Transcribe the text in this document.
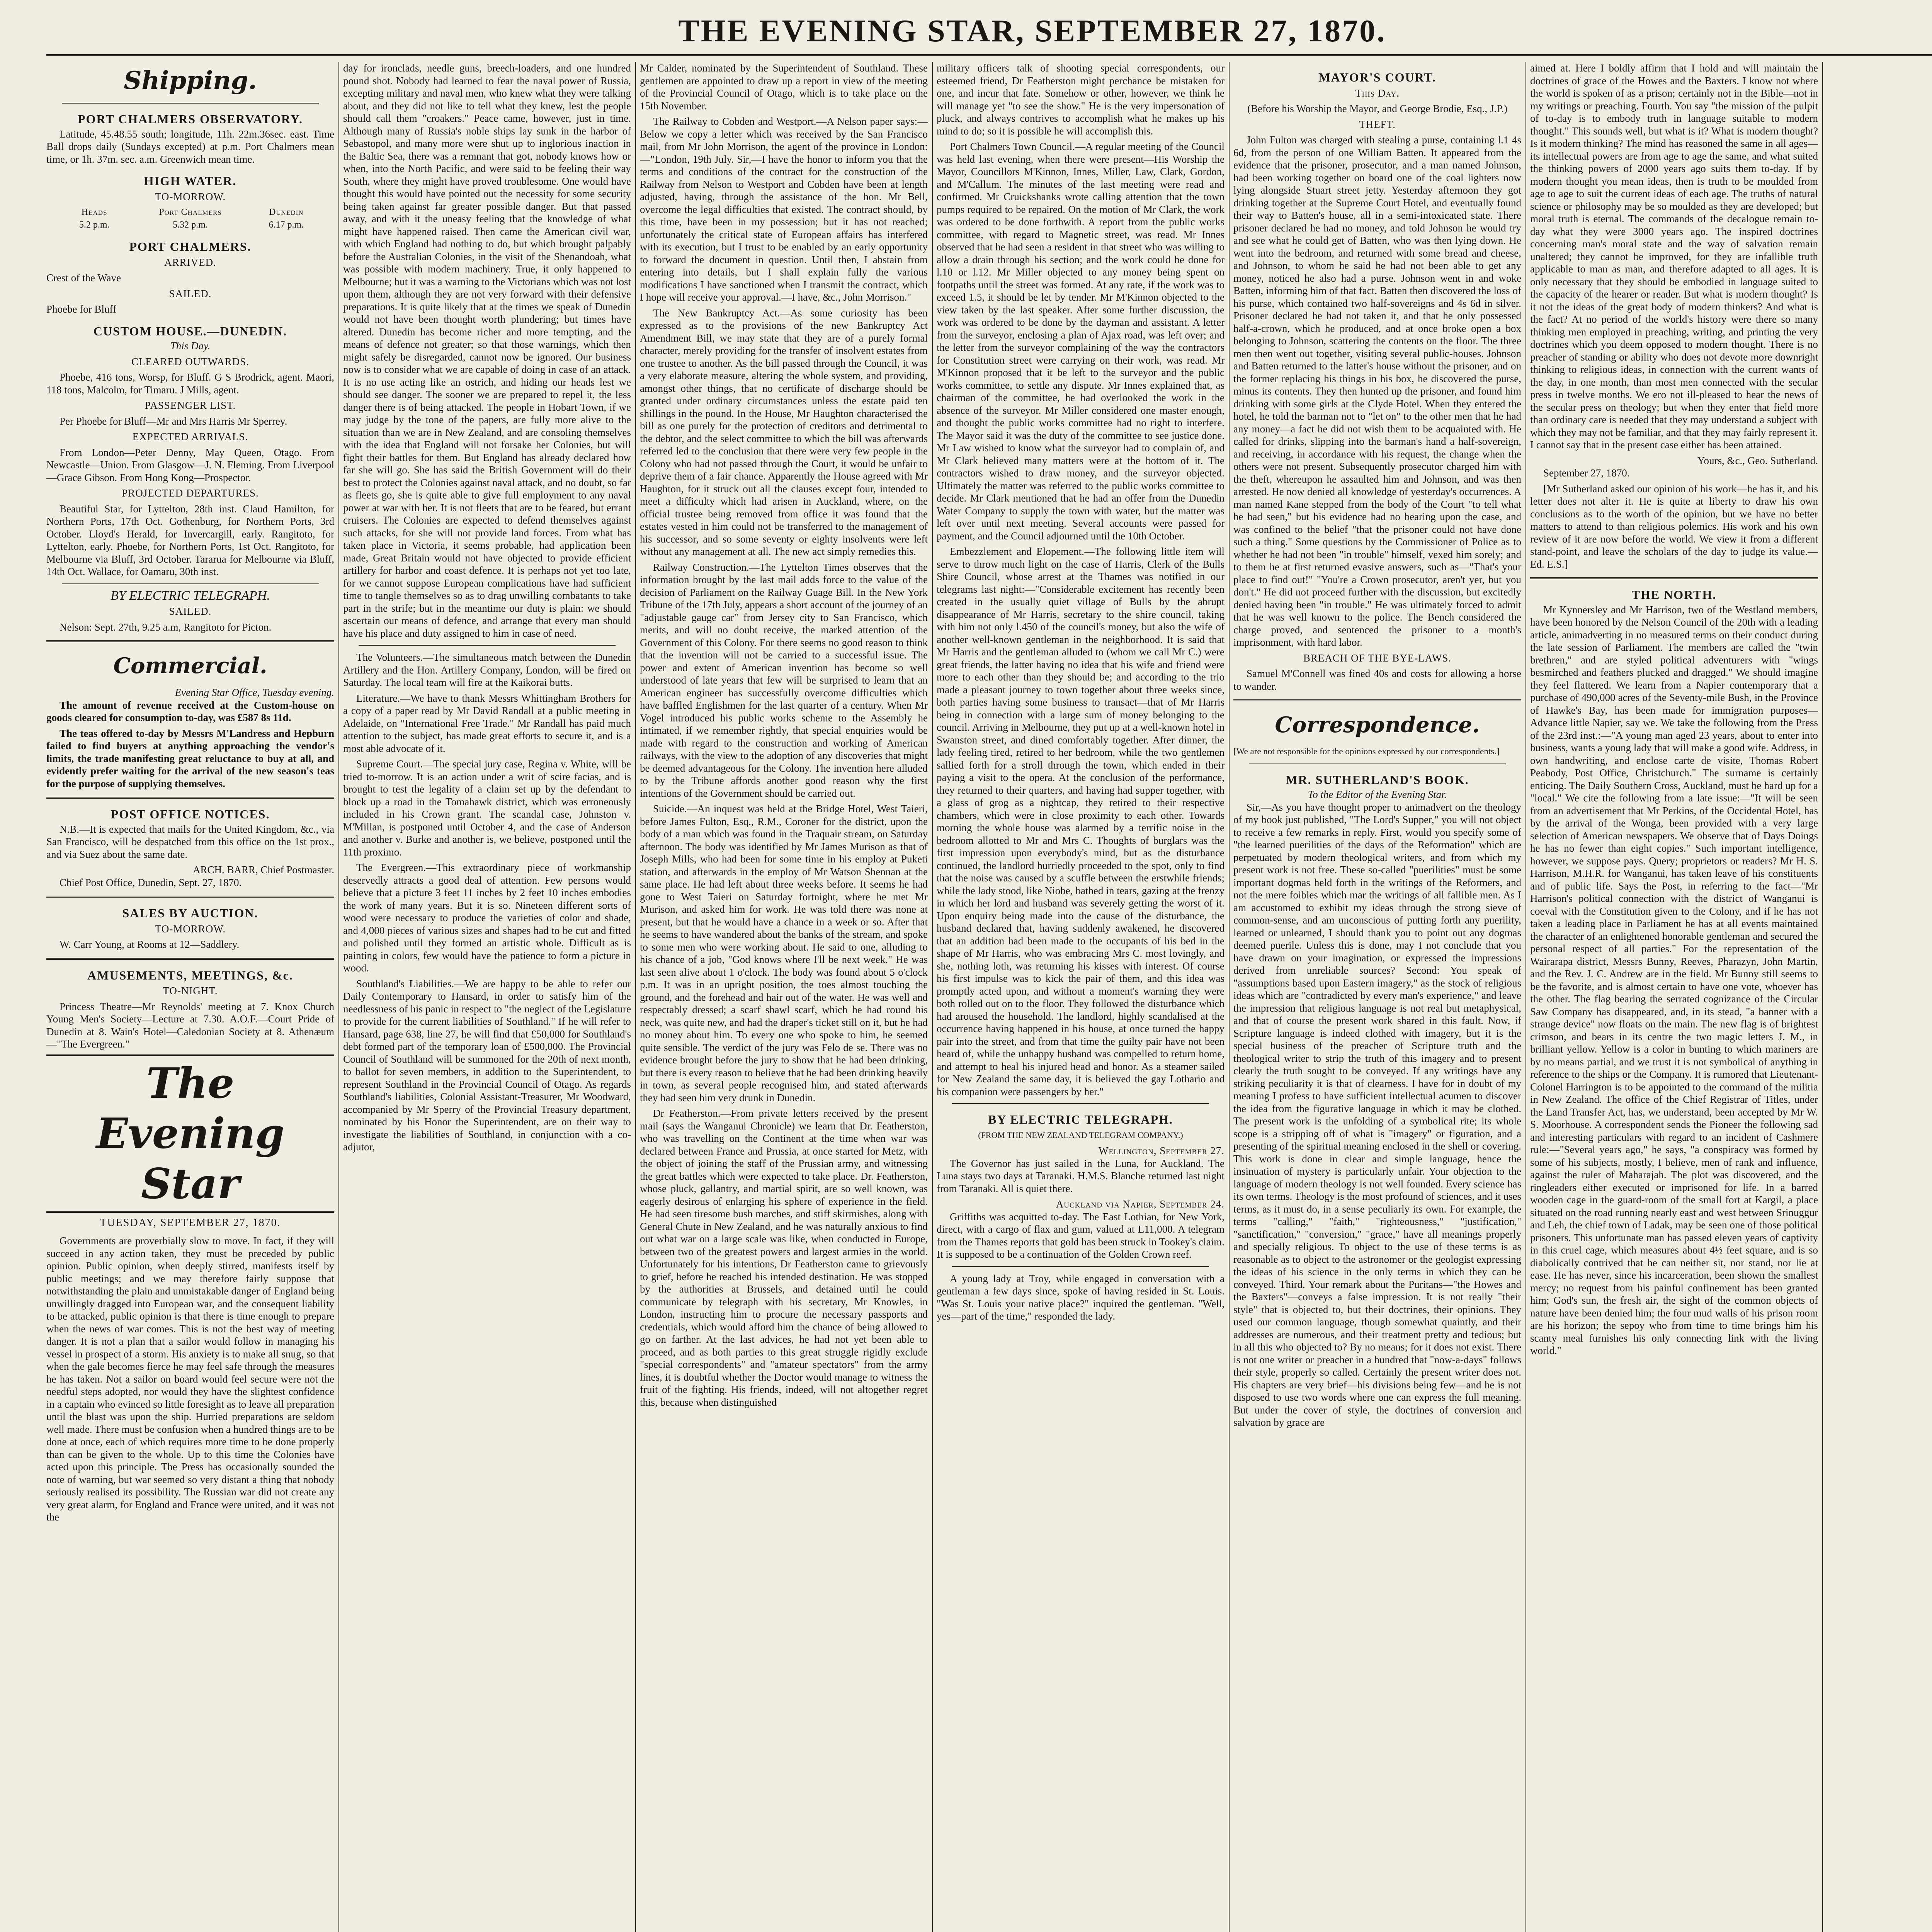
THE EVENING STAR, SEPTEMBER 27, 1870.
Shipping.
PORT CHALMERS OBSERVATORY.

Latitude, 45.48.55 south; longitude, 11h. 22m.36sec. east. Time Ball drops daily (Sundays excepted) at p.m. Port Chalmers mean time, or 1h. 37m. sec. a.m. Greenwich mean time.

HIGH WATER.
TO-MORROW.
Heads
5.2 p.m.
Port Chalmers
5.32 p.m.
Dunedin
6.17 p.m.
PORT CHALMERS.
ARRIVED.

Crest of the Wave

SAILED.

Phoebe for Bluff

CUSTOM HOUSE.—DUNEDIN.
This Day.
CLEARED OUTWARDS.

Phoebe, 416 tons, Worsp, for Bluff. G S Brodrick, agent. Maori, 118 tons, Malcolm, for Timaru. J Mills, agent.

PASSENGER LIST.

Per Phoebe for Bluff—Mr and Mrs Harris Mr Sperrey.

EXPECTED ARRIVALS.

From London—Peter Denny, May Queen, Otago. From Newcastle—Union. From Glasgow—J. N. Fleming. From Liverpool—Grace Gibson. From Hong Kong—Prospector.

PROJECTED DEPARTURES.

Beautiful Star, for Lyttelton, 28th inst. Claud Hamilton, for Northern Ports, 17th Oct. Gothenburg, for Northern Ports, 3rd October. Lloyd's Herald, for Invercargill, early. Rangitoto, for Lyttelton, early. Phoebe, for Northern Ports, 1st Oct. Rangitoto, for Melbourne via Bluff, 3rd October. Tararua for Melbourne via Bluff, 14th Oct. Wallace, for Oamaru, 30th inst.

BY ELECTRIC TELEGRAPH.
SAILED.

Nelson: Sept. 27th, 9.25 a.m, Rangitoto for Picton.

Commercial.
Evening Star Office, Tuesday evening.

The amount of revenue received at the Custom-house on goods cleared for consumption to-day, was £587 8s 11d.

The teas offered to-day by Messrs M'Landress and Hepburn failed to find buyers at anything approaching the vendor's limits, the trade manifesting great reluctance to buy at all, and evidently prefer waiting for the arrival of the new season's teas for the purpose of supplying themselves.

POST OFFICE NOTICES.

N.B.—It is expected that mails for the United Kingdom, &c., via San Francisco, will be despatched from this office on the 1st prox., and via Suez about the same date.

ARCH. BARR, Chief Postmaster.

Chief Post Office, Dunedin, Sept. 27, 1870.

SALES BY AUCTION.
TO-MORROW.

W. Carr Young, at Rooms at 12—Saddlery.

AMUSEMENTS, MEETINGS, &c.
TO-NIGHT.

Princess Theatre—Mr Reynolds' meeting at 7. Knox Church Young Men's Society—Lecture at 7.30. A.O.F.—Court Pride of Dunedin at 8. Wain's Hotel—Caledonian Society at 8. Athenæum—"The Evergreen."

The Evening Star
TUESDAY, SEPTEMBER 27, 1870.

Governments are proverbially slow to move. In fact, if they will succeed in any action taken, they must be preceded by public opinion. Public opinion, when deeply stirred, manifests itself by public meetings; and we may therefore fairly suppose that notwithstanding the plain and unmistakable danger of England being unwillingly dragged into European war, and the consequent liability to be attacked, public opinion is that there is time enough to prepare when the news of war comes. This is not the best way of meeting danger. It is not a plan that a sailor would follow in managing his vessel in prospect of a storm. His anxiety is to make all snug, so that when the gale becomes fierce he may feel safe through the measures he has taken. Not a sailor on board would feel secure were not the needful steps adopted, nor would they have the slightest confidence in a captain who evinced so little foresight as to leave all preparation until the blast was upon the ship. Hurried preparations are seldom well made. There must be confusion when a hundred things are to be done at once, each of which requires more time to be done properly than can be given to the whole. Up to this time the Colonies have acted upon this principle. The Press has occasionally sounded the note of warning, but war seemed so very distant a thing that nobody seriously realised its possibility. The Russian war did not create any very great alarm, for England and France were united, and it was not the

day for ironclads, needle guns, breech-loaders, and one hundred pound shot. Nobody had learned to fear the naval power of Russia, excepting military and naval men, who knew what they were talking about, and they did not like to tell what they knew, lest the people should call them "croakers." Peace came, however, just in time. Although many of Russia's noble ships lay sunk in the harbor of Sebastopol, and many more were shut up to inglorious inaction in the Baltic Sea, there was a remnant that got, nobody knows how or when, into the North Pacific, and were said to be feeling their way South, where they might have proved troublesome. One would have thought this would have pointed out the necessity for some security being taken against far greater possible danger. But that passed away, and with it the uneasy feeling that the knowledge of what might have happened raised. Then came the American civil war, with which England had nothing to do, but which brought palpably before the Australian Colonies, in the visit of the Shenandoah, what was possible with modern machinery. True, it only happened to Melbourne; but it was a warning to the Victorians which was not lost upon them, although they are not very forward with their defensive preparations. It is quite likely that at the times we speak of Dunedin would not have been thought worth plundering; but times have altered. Dunedin has become richer and more tempting, and the means of defence not greater; so that those warnings, which then might safely be disregarded, cannot now be ignored. Our business now is to consider what we are capable of doing in case of an attack. It is no use acting like an ostrich, and hiding our heads lest we should see danger. The sooner we are prepared to repel it, the less danger there is of being attacked. The people in Hobart Town, if we may judge by the tone of the papers, are fully more alive to the situation than we are in New Zealand, and are consoling themselves with the idea that England will not forsake her Colonies, but will fight their battles for them. But England has already declared how far she will go. She has said the British Government will do their best to protect the Colonies against naval attack, and no doubt, so far as fleets go, she is quite able to give full employment to any naval power at war with her. It is not fleets that are to be feared, but errant cruisers. The Colonies are expected to defend themselves against such attacks, for she will not provide land forces. From what has taken place in Victoria, it seems probable, had application been made, Great Britain would not have objected to provide efficient artillery for harbor and coast defence. It is perhaps not yet too late, for we cannot suppose European complications have had sufficient time to tangle themselves so as to drag unwilling combatants to take part in the strife; but in the meantime our duty is plain: we should ascertain our means of defence, and arrange that every man should have his place and duty assigned to him in case of need.

The Volunteers.—The simultaneous match between the Dunedin Artillery and the Hon. Artillery Company, London, will be fired on Saturday. The local team will fire at the Kaikorai butts.

Literature.—We have to thank Messrs Whittingham Brothers for a copy of a paper read by Mr David Randall at a public meeting in Adelaide, on "International Free Trade." Mr Randall has paid much attention to the subject, has made great efforts to secure it, and is a most able advocate of it.

Supreme Court.—The special jury case, Regina v. White, will be tried to-morrow. It is an action under a writ of scire facias, and is brought to test the legality of a claim set up by the defendant to block up a road in the Tomahawk district, which was erroneously included in his Crown grant. The scandal case, Johnston v. M'Millan, is postponed until October 4, and the case of Anderson and another v. Burke and another is, we believe, postponed until the 11th proximo.

The Evergreen.—This extraordinary piece of workmanship deservedly attracts a good deal of attention. Few persons would believe that a picture 3 feet 11 inches by 2 feet 10 inches embodies the work of many years. But it is so. Nineteen different sorts of wood were necessary to produce the varieties of color and shade, and 4,000 pieces of various sizes and shapes had to be cut and fitted and polished until they formed an artistic whole. Difficult as is painting in colors, few would have the patience to form a picture in wood.

Southland's Liabilities.—We are happy to be able to refer our Daily Contemporary to Hansard, in order to satisfy him of the needlessness of his panic in respect to "the neglect of the Legislature to provide for the current liabilities of Southland." If he will refer to Hansard, page 638, line 27, he will find that £50,000 for Southland's debt formed part of the temporary loan of £500,000. The Provincial Council of Southland will be summoned for the 20th of next month, to ballot for seven members, in addition to the Superintendent, to represent Southland in the Provincial Council of Otago. As regards Southland's liabilities, Colonial Assistant-Treasurer, Mr Woodward, accompanied by Mr Sperry of the Provincial Treasury department, nominated by his Honor the Superintendent, are on their way to investigate the liabilities of Southland, in conjunction with a co-adjutor,

Mr Calder, nominated by the Superintendent of Southland. These gentlemen are appointed to draw up a report in view of the meeting of the Provincial Council of Otago, which is to take place on the 15th November.

The Railway to Cobden and Westport.—A Nelson paper says:—Below we copy a letter which was received by the San Francisco mail, from Mr John Morrison, the agent of the province in London:—"London, 19th July. Sir,—I have the honor to inform you that the terms and conditions of the contract for the construction of the Railway from Nelson to Westport and Cobden have been at length adjusted, having, through the assistance of the hon. Mr Bell, overcome the legal difficulties that existed. The contract should, by this time, have been in my possession; but it has not reached; unfortunately the critical state of European affairs has interfered with its execution, but I trust to be enabled by an early opportunity to forward the document in question. Until then, I abstain from entering into details, but I shall explain fully the various modifications I have sanctioned when I transmit the contract, which I hope will receive your approval.—I have, &c., John Morrison."

The New Bankruptcy Act.—As some curiosity has been expressed as to the provisions of the new Bankruptcy Act Amendment Bill, we may state that they are of a purely formal character, merely providing for the transfer of insolvent estates from one trustee to another. As the bill passed through the Council, it was a very elaborate measure, altering the whole system, and providing, amongst other things, that no certificate of discharge should be granted under ordinary circumstances unless the estate paid ten shillings in the pound. In the House, Mr Haughton characterised the bill as one purely for the protection of creditors and detrimental to the debtor, and the select committee to which the bill was afterwards referred led to the conclusion that there were very few people in the Colony who had not passed through the Court, it would be unfair to deprive them of a fair chance. Apparently the House agreed with Mr Haughton, for it struck out all the clauses except four, intended to meet a difficulty which had arisen in Auckland, where, on the official trustee being removed from office it was found that the estates vested in him could not be transferred to the management of his successor, and so some seventy or eighty insolvents were left without any management at all. The new act simply remedies this.

Railway Construction.—The Lyttelton Times observes that the information brought by the last mail adds force to the value of the decision of Parliament on the Railway Guage Bill. In the New York Tribune of the 17th July, appears a short account of the journey of an "adjustable gauge car" from Jersey city to San Francisco, which merits, and will no doubt receive, the marked attention of the Government of this Colony. For there seems no good reason to think that the invention will not be carried to a successful issue. The power and extent of American invention has become so well understood of late years that few will be surprised to learn that an American engineer has successfully overcome difficulties which have baffled Englishmen for the last quarter of a century. When Mr Vogel introduced his public works scheme to the Assembly he intimated, if we remember rightly, that special enquiries would be made with regard to the construction and working of American railways, with the view to the adoption of any discoveries that might be deemed advantageous for the Colony. The invention here alluded to by the Tribune affords another good reason why the first intentions of the Government should be carried out.

Suicide.—An inquest was held at the Bridge Hotel, West Taieri, before James Fulton, Esq., R.M., Coroner for the district, upon the body of a man which was found in the Traquair stream, on Saturday afternoon. The body was identified by Mr James Murison as that of Joseph Mills, who had been for some time in his employ at Puketi station, and afterwards in the employ of Mr Watson Shennan at the same place. He had left about three weeks before. It seems he had gone to West Taieri on Saturday fortnight, where he met Mr Murison, and asked him for work. He was told there was none at present, but that he would have a chance in a week or so. After that he seems to have wandered about the banks of the stream, and spoke to some men who were working about. He said to one, alluding to his chance of a job, "God knows where I'll be next week." He was last seen alive about 1 o'clock. The body was found about 5 o'clock p.m. It was in an upright position, the toes almost touching the ground, and the forehead and hair out of the water. He was well and respectably dressed; a scarf shawl scarf, which he had round his neck, was quite new, and had the draper's ticket still on it, but he had no money about him. To every one who spoke to him, he seemed quite sensible. The verdict of the jury was Felo de se. There was no evidence brought before the jury to show that he had been drinking, but there is every reason to believe that he had been drinking heavily in town, as several people recognised him, and stated afterwards they had seen him very drunk in Dunedin.

Dr Featherston.—From private letters received by the present mail (says the Wanganui Chronicle) we learn that Dr. Featherston, who was travelling on the Continent at the time when war was declared between France and Prussia, at once started for Metz, with the object of joining the staff of the Prussian army, and witnessing the great battles which were expected to take place. Dr. Featherston, whose pluck, gallantry, and martial spirit, are so well known, was eagerly desirous of enlarging his sphere of experience in the field. He had seen tiresome bush marches, and stiff skirmishes, along with General Chute in New Zealand, and he was naturally anxious to find out what war on a large scale was like, when conducted in Europe, between two of the greatest powers and largest armies in the world. Unfortunately for his intentions, Dr Featherston came to grievously to grief, before he reached his intended destination. He was stopped by the authorities at Brussels, and detained until he could communicate by telegraph with his secretary, Mr Knowles, in London, instructing him to procure the necessary passports and credentials, which would afford him the chance of being allowed to go on farther. At the last advices, he had not yet been able to proceed, and as both parties to this great struggle rigidly exclude "special correspondents" and "amateur spectators" from the army lines, it is doubtful whether the Doctor would manage to witness the fruit of the fighting. His friends, indeed, will not altogether regret this, because when distinguished

military officers talk of shooting special correspondents, our esteemed friend, Dr Featherston might perchance be mistaken for one, and incur that fate. Somehow or other, however, we think he will manage yet "to see the show." He is the very impersonation of pluck, and always contrives to accomplish what he makes up his mind to do; so it is possible he will accomplish this.

Port Chalmers Town Council.—A regular meeting of the Council was held last evening, when there were present—His Worship the Mayor, Councillors M'Kinnon, Innes, Miller, Law, Clark, Gordon, and M'Callum. The minutes of the last meeting were read and confirmed. Mr Cruickshanks wrote calling attention that the town pumps required to be repaired. On the motion of Mr Clark, the work was ordered to be done forthwith. A report from the public works committee, with regard to Magnetic street, was read. Mr Innes observed that he had seen a resident in that street who was willing to allow a drain through his section; and the work could be done for l.10 or l.12. Mr Miller objected to any money being spent on footpaths until the street was formed. At any rate, if the work was to exceed 1.5, it should be let by tender. Mr M'Kinnon objected to the view taken by the last speaker. After some further discussion, the work was ordered to be done by the dayman and assistant. A letter from the surveyor, enclosing a plan of Ajax road, was left over; and the letter from the surveyor complaining of the way the contractors for Constitution street were carrying on their work, was read. Mr M'Kinnon proposed that it be left to the surveyor and the public works committee, to settle any dispute. Mr Innes explained that, as chairman of the committee, he had overlooked the work in the absence of the surveyor. Mr Miller considered one master enough, and thought the public works committee had no right to interfere. The Mayor said it was the duty of the committee to see justice done. Mr Law wished to know what the surveyor had to complain of, and Mr Clark believed many matters were at the bottom of it. The contractors wished to draw money, and the surveyor objected. Ultimately the matter was referred to the public works committee to decide. Mr Clark mentioned that he had an offer from the Dunedin Water Company to supply the town with water, but the matter was left over until next meeting. Several accounts were passed for payment, and the Council adjourned until the 10th October.

Embezzlement and Elopement.—The following little item will serve to throw much light on the case of Harris, Clerk of the Bulls Shire Council, whose arrest at the Thames was notified in our telegrams last night:—"Considerable excitement has recently been created in the usually quiet village of Bulls by the abrupt disappearance of Mr Harris, secretary to the shire council, taking with him not only l.450 of the council's money, but also the wife of another well-known gentleman in the neighborhood. It is said that Mr Harris and the gentleman alluded to (whom we call Mr C.) were great friends, the latter having no idea that his wife and friend were more to each other than they should be; and according to the trio made a pleasant journey to town together about three weeks since, both parties having some business to transact—that of Mr Harris being in connection with a large sum of money belonging to the council. Arriving in Melbourne, they put up at a well-known hotel in Swanston street, and dined comfortably together. After dinner, the lady feeling tired, retired to her bedroom, while the two gentlemen sallied forth for a stroll through the town, which ended in their paying a visit to the opera. At the conclusion of the performance, they returned to their quarters, and having had supper together, with a glass of grog as a nightcap, they retired to their respective chambers, which were in close proximity to each other. Towards morning the whole house was alarmed by a terrific noise in the bedroom allotted to Mr and Mrs C. Thoughts of burglars was the first impression upon everybody's mind, but as the disturbance continued, the landlord hurriedly proceeded to the spot, only to find that the noise was caused by a scuffle between the erstwhile friends; while the lady stood, like Niobe, bathed in tears, gazing at the frenzy in which her lord and husband was severely getting the worst of it. Upon enquiry being made into the cause of the disturbance, the husband declared that, having suddenly awakened, he discovered that an addition had been made to the occupants of his bed in the shape of Mr Harris, who was embracing Mrs C. most lovingly, and she, nothing loth, was returning his kisses with interest. Of course his first impulse was to kick the pair of them, and this idea was promptly acted upon, and without a moment's warning they were both rolled out on to the floor. They followed the disturbance which had aroused the household. The landlord, highly scandalised at the occurrence having happened in his house, at once turned the happy pair into the street, and from that time the guilty pair have not been heard of, while the unhappy husband was compelled to return home, and attempt to heal his injured head and honor. As a steamer sailed for New Zealand the same day, it is believed the gay Lothario and his companion were passengers by her."

BY ELECTRIC TELEGRAPH.
(FROM THE NEW ZEALAND TELEGRAM COMPANY.)
Wellington, September 27.

The Governor has just sailed in the Luna, for Auckland. The Luna stays two days at Taranaki. H.M.S. Blanche returned last night from Taranaki. All is quiet there.

Auckland via Napier, September 24.

Griffiths was acquitted to-day. The East Lothian, for New York, direct, with a cargo of flax and gum, valued at L11,000. A telegram from the Thames reports that gold has been struck in Tookey's claim. It is supposed to be a continuation of the Golden Crown reef.

A young lady at Troy, while engaged in conversation with a gentleman a few days since, spoke of having resided in St. Louis. "Was St. Louis your native place?" inquired the gentleman. "Well, yes—part of the time," responded the lady.

MAYOR'S COURT.
This Day.
(Before his Worship the Mayor, and George Brodie, Esq., J.P.)
THEFT.

John Fulton was charged with stealing a purse, containing l.1 4s 6d, from the person of one William Batten. It appeared from the evidence that the prisoner, prosecutor, and a man named Johnson, had been working together on board one of the coal lighters now lying alongside Stuart street jetty. Yesterday afternoon they got drinking together at the Supreme Court Hotel, and eventually found their way to Batten's house, all in a semi-intoxicated state. There prisoner declared he had no money, and told Johnson he would try and see what he could get of Batten, who was then lying down. He went into the bedroom, and returned with some bread and cheese, and Johnson, to whom he said he had not been able to get any money, noticed he also had a purse. Johnson went in and woke Batten, informing him of that fact. Batten then discovered the loss of his purse, which contained two half-sovereigns and 4s 6d in silver. Prisoner declared he had not taken it, and that he only possessed half-a-crown, which he produced, and at once broke open a box belonging to Johnson, scattering the contents on the floor. The three men then went out together, visiting several public-houses. Johnson and Batten returned to the latter's house without the prisoner, and on the former replacing his things in his box, he discovered the purse, minus its contents. They then hunted up the prisoner, and found him drinking with some girls at the Clyde Hotel. When they entered the hotel, he told the barman not to "let on" to the other men that he had any money—a fact he did not wish them to be acquainted with. He called for drinks, slipping into the barman's hand a half-sovereign, and receiving, in accordance with his request, the change when the others were not present. Subsequently prosecutor charged him with the theft, whereupon he assaulted him and Johnson, and was then arrested. He now denied all knowledge of yesterday's occurrences. A man named Kane stepped from the body of the Court "to tell what he had seen," but his evidence had no bearing upon the case, and was confined to the belief "that the prisoner could not have done such a thing." Some questions by the Commissioner of Police as to whether he had not been "in trouble" himself, vexed him sorely; and to them he at first returned evasive answers, such as—"That's your place to find out!" "You're a Crown prosecutor, aren't yer, but you don't." He did not proceed further with the discussion, but excitedly denied having been "in trouble." He was ultimately forced to admit that he was well known to the police. The Bench considered the charge proved, and sentenced the prisoner to a month's imprisonment, with hard labor.

BREACH OF THE BYE-LAWS.

Samuel M'Connell was fined 40s and costs for allowing a horse to wander.

Correspondence.

[We are not responsible for the opinions expressed by our correspondents.]

MR. SUTHERLAND'S BOOK.
To the Editor of the Evening Star.

Sir,—As you have thought proper to animadvert on the theology of my book just published, "The Lord's Supper," you will not object to receive a few remarks in reply. First, would you specify some of "the learned puerilities of the days of the Reformation" which are perpetuated by modern theological writers, and from which my present work is not free. These so-called "puerilities" must be some important dogmas held forth in the writings of the Reformers, and not the mere foibles which mar the writings of all fallible men. As I am accustomed to exhibit my ideas through the strong sieve of common-sense, and am unconscious of putting forth any puerility, learned or unlearned, I should thank you to point out any dogmas deemed puerile. Unless this is done, may I not conclude that you have drawn on your imagination, or expressed the impressions derived from unreliable sources? Second: You speak of "assumptions based upon Eastern imagery," as the stock of religious ideas which are "contradicted by every man's experience," and leave the impression that religious language is not real but metaphysical, and that of course the present work shared in this fault. Now, if Scripture language is indeed clothed with imagery, but it is the special business of the preacher of Scripture truth and the theological writer to strip the truth of this imagery and to present clearly the truth sought to be conveyed. If any writings have any striking peculiarity it is that of clearness. I have for in doubt of my meaning I profess to have sufficient intellectual acumen to discover the idea from the figurative language in which it may be clothed. The present work is the unfolding of a symbolical rite; its whole scope is a stripping off of what is "imagery" or figuration, and a presenting of the spiritual meaning enclosed in the shell or covering. This work is done in clear and simple language, hence the insinuation of mystery is particularly unfair. Your objection to the language of modern theology is not well founded. Every science has its own terms. Theology is the most profound of sciences, and it uses terms, as it must do, in a sense peculiarly its own. For example, the terms "calling," "faith," "righteousness," "justification," "sanctification," "conversion," "grace," have all meanings properly and specially religious. To object to the use of these terms is as reasonable as to object to the astronomer or the geologist expressing the ideas of his science in the only terms in which they can be conveyed. Third. Your remark about the Puritans—"the Howes and the Baxters"—conveys a false impression. It is not really "their style" that is objected to, but their doctrines, their opinions. They used our common language, though somewhat quaintly, and their addresses are numerous, and their treatment pretty and tedious; but in all this who objected to? By no means; for it does not exist. There is not one writer or preacher in a hundred that "now-a-days" follows their style, properly so called. Certainly the present writer does not. His chapters are very brief—his divisions being few—and he is not disposed to use two words where one can express the full meaning. But under the cover of style, the doctrines of conversion and salvation by grace are

aimed at. Here I boldly affirm that I hold and will maintain the doctrines of grace of the Howes and the Baxters. I know not where the world is spoken of as a prison; certainly not in the Bible—not in my writings or preaching. Fourth. You say "the mission of the pulpit of to-day is to embody truth in language suitable to modern thought." This sounds well, but what is it? What is modern thought? Is it modern thinking? The mind has reasoned the same in all ages—its intellectual powers are from age to age the same, and what suited the thinking powers of 2000 years ago suits them to-day. If by modern thought you mean ideas, then is truth to be moulded from age to age to suit the current ideas of each age. The truths of natural science or philosophy may be so moulded as they are developed; but moral truth is eternal. The commands of the decalogue remain to-day what they were 3000 years ago. The inspired doctrines concerning man's moral state and the way of salvation remain unaltered; they cannot be improved, for they are infallible truth applicable to man as man, and therefore adapted to all ages. It is only necessary that they should be embodied in language suited to the capacity of the hearer or reader. But what is modern thought? Is it not the ideas of the great body of modern thinkers? And what is the fact? At no period of the world's history were there so many thinking men employed in preaching, writing, and printing the very doctrines which you deem opposed to modern thought. There is no preacher of standing or ability who does not devote more downright thinking to religious ideas, in connection with the current wants of the day, in one month, than most men connected with the secular press in twelve months. We ero not ill-pleased to hear the news of the secular press on theology; but when they enter that field more than ordinary care is needed that they may understand a subject with which they may not be familiar, and that they may fairly represent it. I cannot say that in the present case either has been attained.

Yours, &c., Geo. Sutherland.

September 27, 1870.

[Mr Sutherland asked our opinion of his work—he has it, and his letter does not alter it. He is quite at liberty to draw his own conclusions as to the worth of the opinion, but we have no better matters to attend to than religious polemics. His work and his own review of it are now before the world. We view it from a different stand-point, and leave the scholars of the day to judge its value.—Ed. E.S.]

THE NORTH.

Mr Kynnersley and Mr Harrison, two of the Westland members, have been honored by the Nelson Council of the 20th with a leading article, animadverting in no measured terms on their conduct during the late session of Parliament. The members are called the "twin brethren," and are styled political adventurers with "wings besmirched and feathers plucked and dragged." We should imagine they feel flattered. We learn from a Napier contemporary that a purchase of 490,000 acres of the Seventy-mile Bush, in the Province of Hawke's Bay, has been made for immigration purposes—Advance little Napier, say we. We take the following from the Press of the 23rd inst.:—"A young man aged 23 years, about to enter into business, wants a young lady that will make a good wife. Address, in own handwriting, and enclose carte de visite, Thomas Robert Peabody, Post Office, Christchurch." The surname is certainly enticing. The Daily Southern Cross, Auckland, must be hard up for a "local." We cite the following from a late issue:—"It will be seen from an advertisement that Mr Perkins, of the Occidental Hotel, has by the arrival of the Wonga, been provided with a very large selection of American newspapers. We observe that of Days Doings he has no fewer than eight copies." Such important intelligence, however, we suppose pays. Query; proprietors or readers? Mr H. S. Harrison, M.H.R. for Wanganui, has taken leave of his constituents and of public life. Says the Post, in referring to the fact—"Mr Harrison's political connection with the district of Wanganui is coeval with the Constitution given to the Colony, and if he has not taken a leading place in Parliament he has at all events maintained the character of an enlightened honorable gentleman and secured the personal respect of all parties." For the representation of the Wairarapa district, Messrs Bunny, Reeves, Pharazyn, John Martin, and the Rev. J. C. Andrew are in the field. Mr Bunny still seems to be the favorite, and is almost certain to have one vote, whoever has the other. The flag bearing the serrated cognizance of the Circular Saw Company has disappeared, and, in its stead, "a banner with a strange device" now floats on the main. The new flag is of brightest crimson, and bears in its centre the two magic letters J. M., in brilliant yellow. Yellow is a color in bunting to which mariners are by no means partial, and we trust it is not symbolical of anything in reference to the ships or the Company. It is rumored that Lieutenant-Colonel Harrington is to be appointed to the command of the militia in New Zealand. The office of the Chief Registrar of Titles, under the Land Transfer Act, has, we understand, been accepted by Mr W. S. Moorhouse. A correspondent sends the Pioneer the following sad and interesting particulars with regard to an incident of Cashmere rule:—"Several years ago," he says, "a conspiracy was formed by some of his subjects, mostly, I believe, men of rank and influence, against the ruler of Maharajah. The plot was discovered, and the ringleaders either executed or imprisoned for life. In a barred wooden cage in the guard-room of the small fort at Kargil, a place situated on the road running nearly east and west between Srinuggur and Leh, the chief town of Ladak, may be seen one of those political prisoners. This unfortunate man has passed eleven years of captivity in this cruel cage, which measures about 4½ feet square, and is so diabolically contrived that he can neither sit, nor stand, nor lie at ease. He has never, since his incarceration, been shown the smallest mercy; no request from his painful confinement has been granted him; God's sun, the fresh air, the sight of the common objects of nature have been denied him; the four mud walls of his prison room are his horizon; the sepoy who from time to time brings him his scanty meal furnishes his only connecting link with the living world."
